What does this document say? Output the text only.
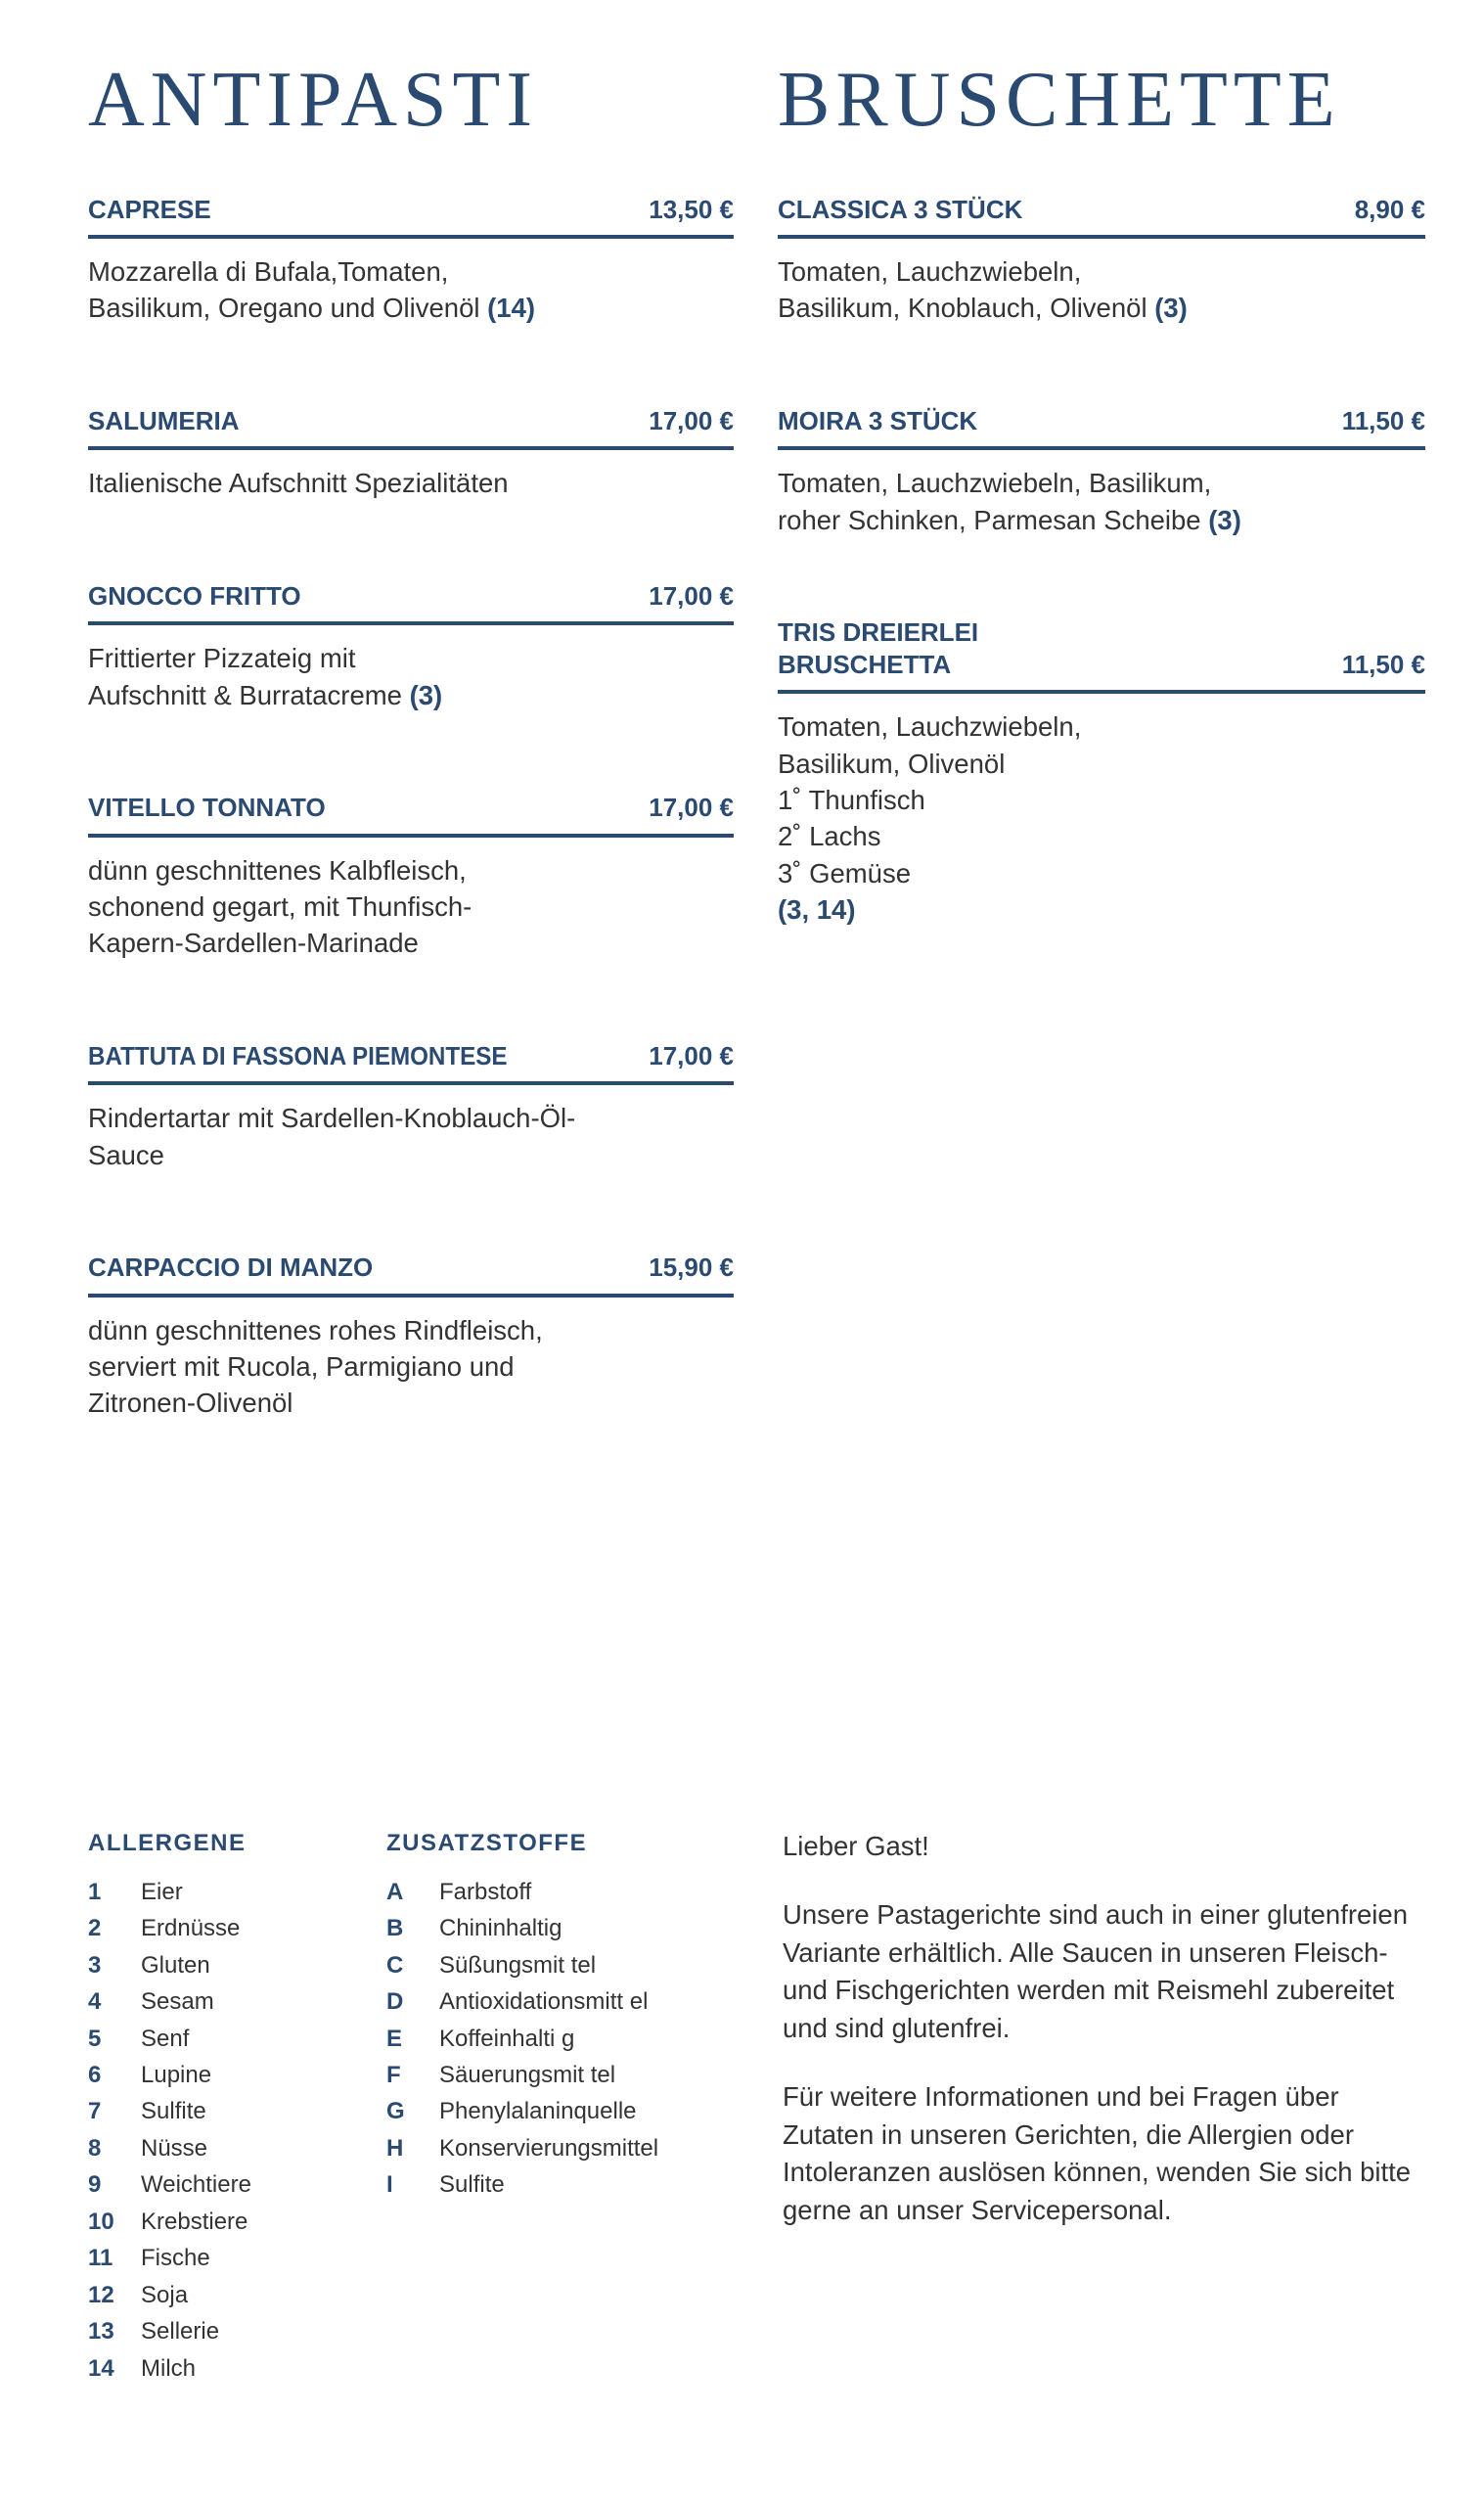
ANTIPASTI
CAPRESE	13,50 €
Mozzarella di Bufala,Tomaten,
Basilikum, Oregano und Olivenöl (14)
SALUMERIA	17,00 €
Italienische Aufschnitt Spezialitäten
GNOCCO FRITTO	17,00 €
Frittierter Pizzateig mit
Aufschnitt & Burratacreme (3)
VITELLO TONNATO	17,00 €
dünn geschnittenes Kalbfleisch,
schonend gegart, mit Thunfisch-
Kapern-Sardellen-Marinade
BATTUTA DI FASSONA PIEMONTESE	17,00 €
Rindertartar mit Sardellen-Knoblauch-Öl-
Sauce
CARPACCIO DI MANZO	15,90 €
dünn geschnittenes rohes Rindfleisch,
serviert mit Rucola, Parmigiano und
Zitronen-Olivenöl
BRUSCHETTE
CLASSICA 3 STÜCK	8,90 €
Tomaten, Lauchzwiebeln,
Basilikum, Knoblauch, Olivenöl (3)
MOIRA 3 STÜCK	11,50 €
Tomaten, Lauchzwiebeln, Basilikum,
roher Schinken, Parmesan Scheibe (3)
TRIS DREIERLEI
BRUSCHETTA	11,50 €
Tomaten, Lauchzwiebeln,
Basilikum, Olivenöl
1˚ Thunfisch
2˚ Lachs
3˚ Gemüse
(3, 14)
ALLERGENE
1	Eier
2	Erdnüsse
3	Gluten
4	Sesam
5	Senf
6	Lupine
7	Sulfite
8	Nüsse
9	Weichtiere
10	Krebstiere
11	Fische
12	Soja
13	Sellerie
14	Milch
ZUSATZSTOFFE
A	Farbstoff
B	Chininhaltig
C	Süßungsmit tel
D	Antioxidationsmitt el
E	Koffeinhalti g
F	Säuerungsmit tel
G	Phenylalaninquelle
H	Konservierungsmittel
I	Sulfite

Lieber Gast!

Unsere Pastagerichte sind auch in einer glutenfreien Variante erhältlich. Alle Saucen in unseren Fleisch- und Fischgerichten werden mit Reismehl zubereitet und sind glutenfrei.

Für weitere Informationen und bei Fragen über Zutaten in unseren Gerichten, die Allergien oder Intoleranzen auslösen können, wenden Sie sich bitte gerne an unser Servicepersonal.
